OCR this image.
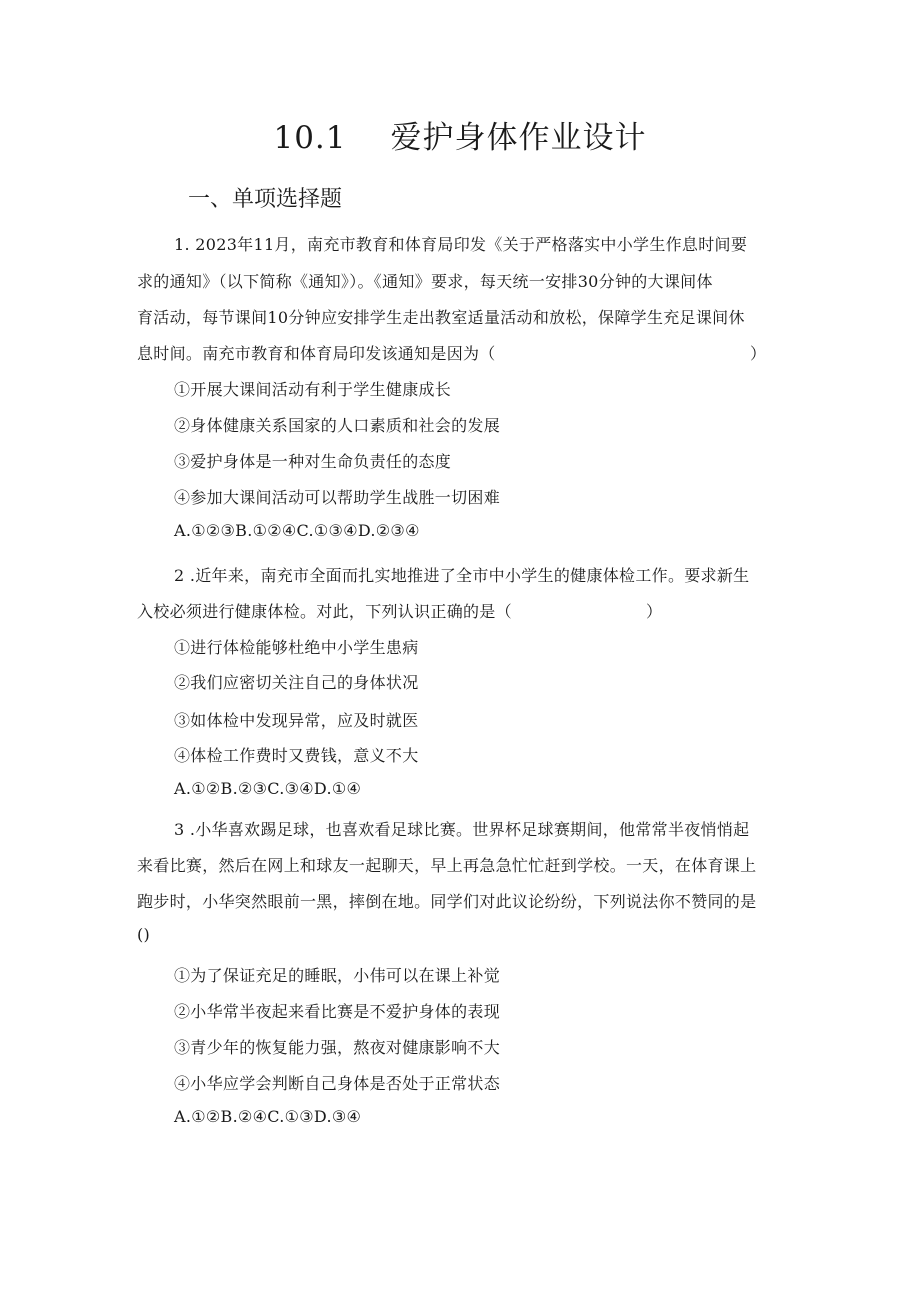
10.1 爱护身体作业设计
一、单项选择题
1. 2023年11月，南充市教育和体育局印发《关于严格落实中小学生作息时间要
求的通知》（以下简称《通知》）。《通知》要求，每天统一安排30分钟的大课间体
育活动，每节课间10分钟应安排学生走出教室适量活动和放松，保障学生充足课间休
息时间。南充市教育和体育局印发该通知是因为（	）
①开展大课间活动有利于学生健康成长
②身体健康关系国家的人口素质和社会的发展
③爱护身体是一种对生命负责任的态度
④参加大课间活动可以帮助学生战胜一切困难
A.①②③B.①②④C.①③④D.②③④
2 .近年来，南充市全面而扎实地推进了全市中小学生的健康体检工作。要求新生
入校必须进行健康体检。对此，下列认识正确的是（	）
①进行体检能够杜绝中小学生患病
②我们应密切关注自己的身体状况
③如体检中发现异常，应及时就医
④体检工作费时又费钱，意义不大
A.①②B.②③C.③④D.①④
3 .小华喜欢踢足球，也喜欢看足球比赛。世界杯足球赛期间，他常常半夜悄悄起
来看比赛，然后在网上和球友一起聊天，早上再急急忙忙赶到学校。一天，在体育课上
跑步时，小华突然眼前一黑，摔倒在地。同学们对此议论纷纷，下列说法你不赞同的是
()
①为了保证充足的睡眠，小伟可以在课上补觉
②小华常半夜起来看比赛是不爱护身体的表现
③青少年的恢复能力强，熬夜对健康影响不大
④小华应学会判断自己身体是否处于正常状态
A.①②B.②④C.①③D.③④
